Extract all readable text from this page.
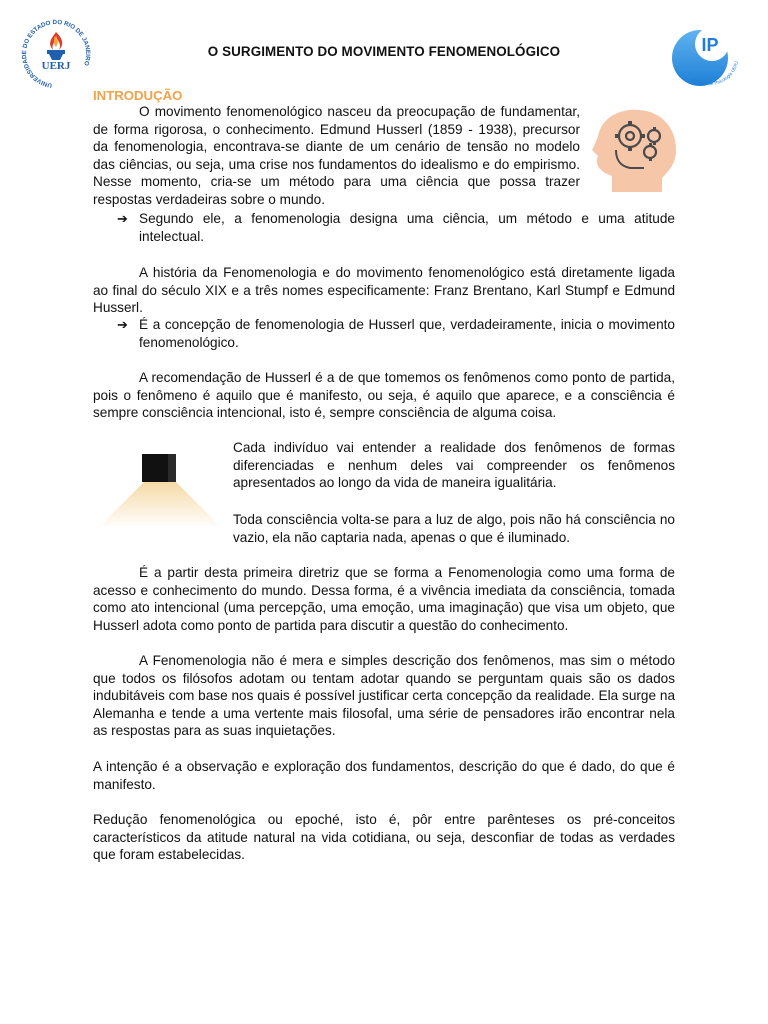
UNIVERSIDADE DO ESTADO DO RIO DE JANEIRO
UERJ
IP
Instituto de Psicologia UERJ
O SURGIMENTO DO MOVIMENTO FENOMENOLÓGICO
INTRODUÇÃO

O movimento fenomenológico nasceu da preocupação de fundamentar, de forma rigorosa, o conhecimento. Edmund Husserl (1859 - 1938), precursor da fenomenologia, encontrava-se diante de um cenário de tensão no modelo das ciências, ou seja, uma crise nos fundamentos do idealismo e do empirismo. Nesse momento, cria-se um método para uma ciência que possa trazer respostas verdadeiras sobre o mundo.

➔ Segundo ele, a fenomenologia designa uma ciência, um método e uma atitude intelectual.

A história da Fenomenologia e do movimento fenomenológico está diretamente ligada ao final do século XIX e a três nomes especificamente: Franz Brentano, Karl Stumpf e Edmund Husserl.

➔ É a concepção de fenomenologia de Husserl que, verdadeiramente, inicia o movimento fenomenológico.

A recomendação de Husserl é a de que tomemos os fenômenos como ponto de partida, pois o fenômeno é aquilo que é manifesto, ou seja, é aquilo que aparece, e a consciência é sempre consciência intencional, isto é, sempre consciência de alguma coisa.

Cada indivíduo vai entender a realidade dos fenômenos de formas diferenciadas e nenhum deles vai compreender os fenômenos apresentados ao longo da vida de maneira igualitária.

Toda consciência volta-se para a luz de algo, pois não há consciência no vazio, ela não captaria nada, apenas o que é iluminado.

É a partir desta primeira diretriz que se forma a Fenomenologia como uma forma de acesso e conhecimento do mundo. Dessa forma, é a vivência imediata da consciência, tomada como ato intencional (uma percepção, uma emoção, uma imaginação) que visa um objeto, que Husserl adota como ponto de partida para discutir a questão do conhecimento.

A Fenomenologia não é mera e simples descrição dos fenômenos, mas sim o método que todos os filósofos adotam ou tentam adotar quando se perguntam quais são os dados indubitáveis com base nos quais é possível justificar certa concepção da realidade. Ela surge na Alemanha e tende a uma vertente mais filosofal, uma série de pensadores irão encontrar nela as respostas para as suas inquietações.

A intenção é a observação e exploração dos fundamentos, descrição do que é dado, do que é manifesto.

Redução fenomenológica ou epoché, isto é, pôr entre parênteses os pré-conceitos característicos da atitude natural na vida cotidiana, ou seja, desconfiar de todas as verdades que foram estabelecidas.
